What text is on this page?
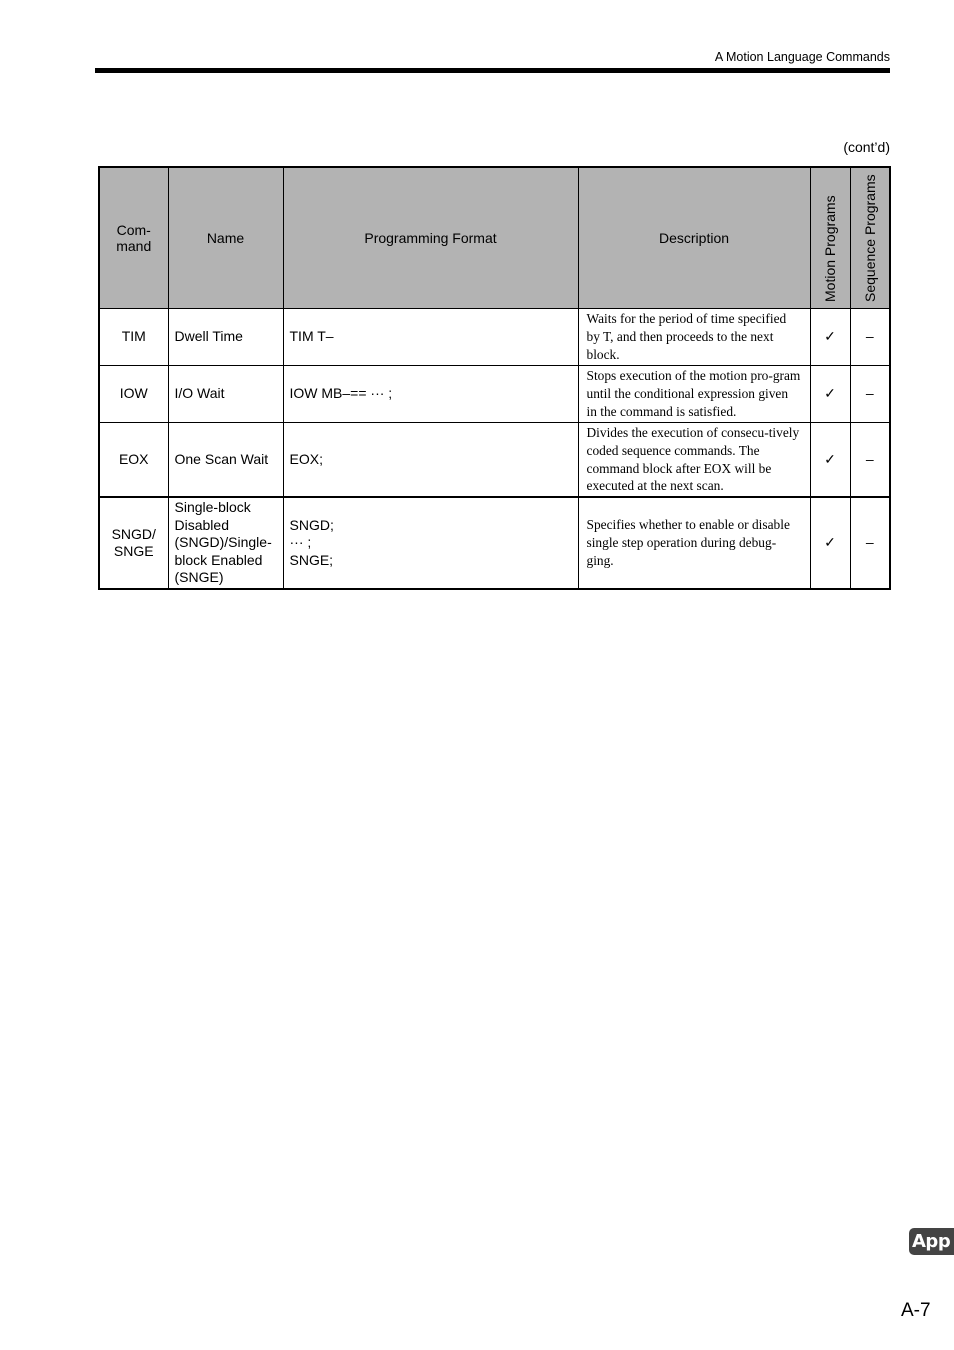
A Motion Language Commands
(cont’d)
Com-
mand	Name	Programming Format	Description	Motion Programs	Sequence Programs

TIM	Dwell Time	TIM T–	Waits for the period of time specified by T, and then proceeds to the next block.	✓	–
IOW	I/O Wait	IOW MB–== ··· ;	Stops execution of the motion pro-gram until the conditional expression given in the command is satisfied.	✓	–
EOX	One Scan Wait	EOX;	Divides the execution of consecu-tively coded sequence commands. The command block after EOX will be executed at the next scan.	✓	–
SNGD/
SNGE	Single-block Disabled (SNGD)/Single-block Enabled (SNGE)	SNGD;
··· ;
SNGE;	Specifies whether to enable or disable single step operation during debug-ging.	✓	–
App
A-7
